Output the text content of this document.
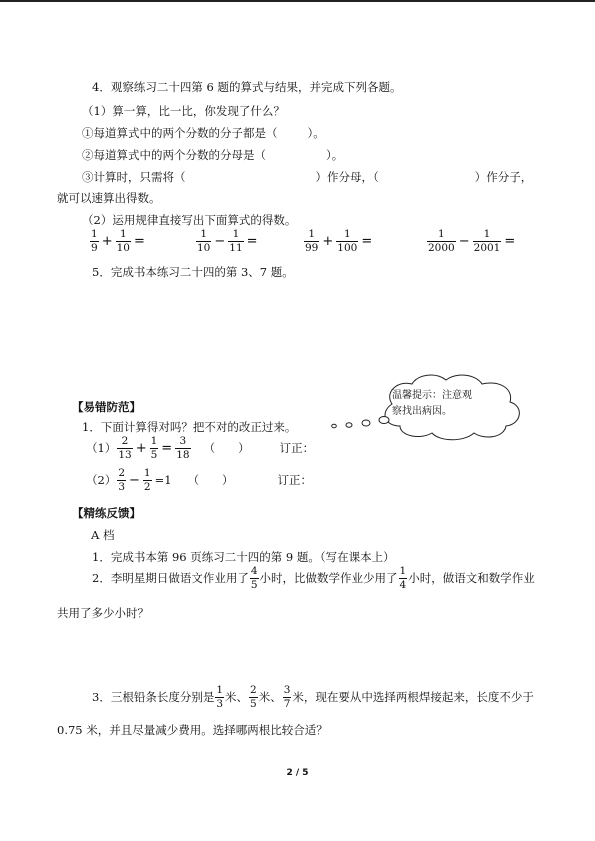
4．观察练习二十四第 6 题的算式与结果，并完成下列各题。
（1）算一算，比一比，你发现了什么？
①每道算式中的两个分数的分子都是（	）。
②每道算式中的两个分数的分母是（	）。
③计算时，只需将（	）作分母，（	）作分子，
就可以速算出得数。
（2）运用规律直接写出下面算式的得数。
$\frac{1}{9} + \frac{1}{10}$ =	$\frac{1}{10} - \frac{1}{11}$ =	$\frac{1}{99} + \frac{1}{100}$ =	$\frac{1}{2000} - \frac{1}{2001}$ =
5．完成书本练习二十四的第 3、7 题。
温馨提示：注意观察找出病因。
【易错防范】
1．下面计算得对吗？把不对的改正过来。
$(1) \frac{2}{13} + \frac{1}{5} = \frac{3}{18}$ （　　）	订正：
$(2) \frac{2}{3} - \frac{1}{2} =1$ （　　）	订正：
【精练反馈】
A 档
1．完成书本第 96 页练习二十四的第 9 题。（写在课本上）
2．李明星期日做语文作业用了 $\frac{4}{5}$ 小时，比做数学作业少用了 $\frac{1}{4}$ 小时，做语文和数学作业
共用了多少小时？
3．三根铅条长度分别是 $\frac{1}{3}$ 米、 $\frac{2}{5}$ 米、 $\frac{3}{7}$ 米，现在要从中选择两根焊接起来，长度不少于
0.75 米，并且尽量减少费用。选择哪两根比较合适？
2 / 5
